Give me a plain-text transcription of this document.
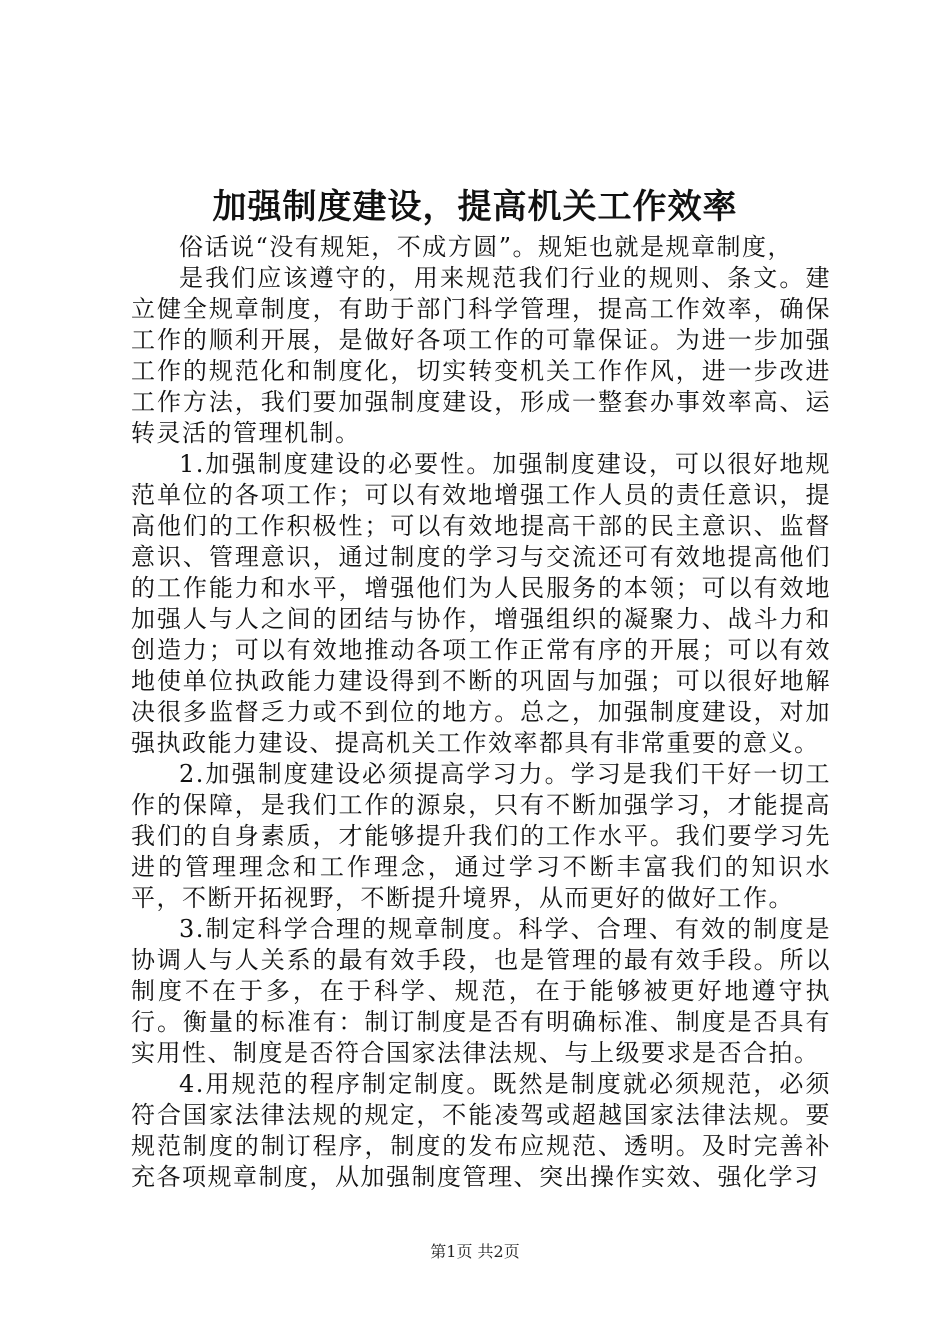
加强制度建设，提高机关工作效率

俗话说“没有规矩，不成方圆”。规矩也就是规章制度，

是我们应该遵守的，用来规范我们行业的规则、条文。建立健全规章制度，有助于部门科学管理，提高工作效率，确保工作的顺利开展，是做好各项工作的可靠保证。为进一步加强工作的规范化和制度化，切实转变机关工作作风，进一步改进工作方法，我们要加强制度建设，形成一整套办事效率高、运转灵活的管理机制。

1.加强制度建设的必要性。加强制度建设，可以很好地规范单位的各项工作；可以有效地增强工作人员的责任意识，提高他们的工作积极性；可以有效地提高干部的民主意识、监督意识、管理意识，通过制度的学习与交流还可有效地提高他们的工作能力和水平，增强他们为人民服务的本领；可以有效地加强人与人之间的团结与协作，增强组织的凝聚力、战斗力和创造力；可以有效地推动各项工作正常有序的开展；可以有效地使单位执政能力建设得到不断的巩固与加强；可以很好地解决很多监督乏力或不到位的地方。总之，加强制度建设，对加强执政能力建设、提高机关工作效率都具有非常重要的意义。

2.加强制度建设必须提高学习力。学习是我们干好一切工作的保障，是我们工作的源泉，只有不断加强学习，才能提高我们的自身素质，才能够提升我们的工作水平。我们要学习先进的管理理念和工作理念，通过学习不断丰富我们的知识水平，不断开拓视野，不断提升境界，从而更好的做好工作。

3.制定科学合理的规章制度。科学、合理、有效的制度是协调人与人关系的最有效手段，也是管理的最有效手段。所以制度不在于多，在于科学、规范，在于能够被更好地遵守执行。衡量的标准有：制订制度是否有明确标准、制度是否具有实用性、制度是否符合国家法律法规、与上级要求是否合拍。

4.用规范的程序制定制度。既然是制度就必须规范，必须符合国家法律法规的规定，不能凌驾或超越国家法律法规。要规范制度的制订程序，制度的发布应规范、透明。及时完善补充各项规章制度，从加强制度管理、突出操作实效、强化学习

第1页 共2页
